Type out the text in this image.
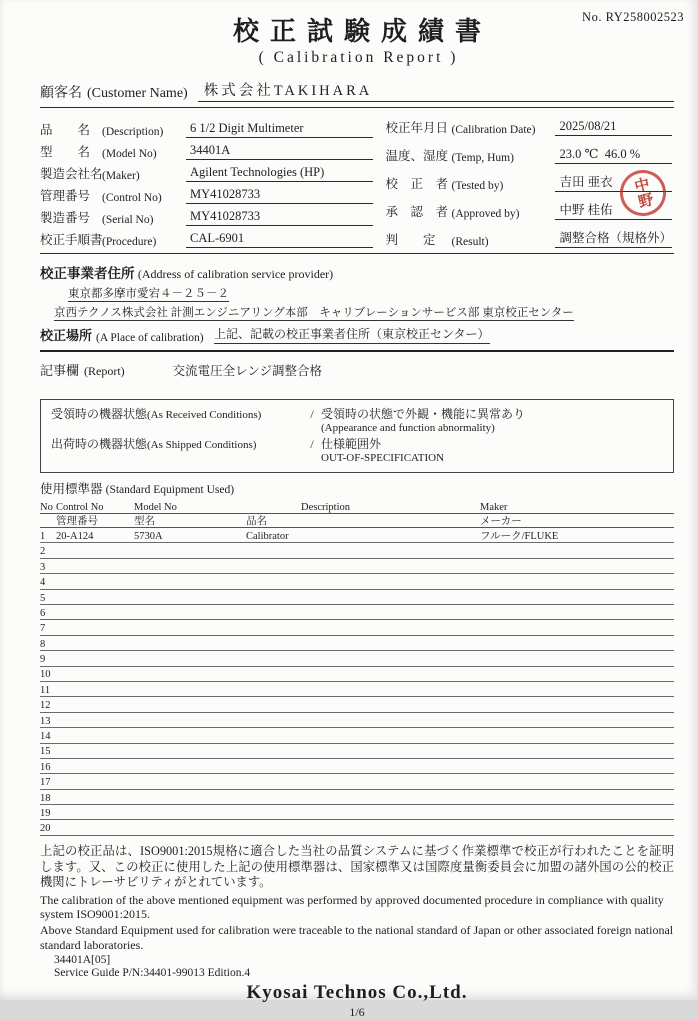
No. RY258002523
校正試験成績書
( Calibration Report )
顧客名 (Customer Name)	株式会社TAKIHARA
品　　名	(Description)	6 1/2 Digit Multimeter
型　　名	(Model No)	34401A
製造会社名 (Maker)	Agilent Technologies (HP)
管理番号	(Control No)	MY41028733
製造番号	(Serial No)	MY41028733
校正手順書 (Procedure)	CAL-6901
校正年月日 (Calibration Date)	2025/08/21
温度、湿度 (Temp, Hum)	23.0 ℃  46.0 %
校　正　者 (Tested by)	吉田 亜衣
承　認　者 (Approved by)	中野 桂佑
判　　定	(Result)	調整合格（規格外）
中野
校正事業者住所 (Address of calibration service provider)
東京都多摩市愛宕４－２５－２
京西テクノス株式会社 計測エンジニアリング本部　キャリブレーションサービス部 東京校正センター
校正場所 (A Place of calibration) 上記、記載の校正事業者住所（東京校正センター）
記事欄 (Report)	交流電圧全レンジ調整合格
受領時の機器状態(As Received Conditions)	/ 受領時の状態で外観・機能に異常あり
(Appearance and function abnormality)
出荷時の機器状態(As Shipped Conditions)	/ 仕様範囲外
OUT-OF-SPECIFICATION
使用標準器 (Standard Equipment Used)
No Control No	Model No	Description	Maker
管理番号	型名	品名	メーカー
1	20-A124	5730A	Calibrator	フルーク/FLUKE
2
3
4
5
6
7
8
9
10
11
12
13
14
15
16
17
18
19
20
上記の校正品は、ISO9001:2015規格に適合した当社の品質システムに基づく作業標準で校正が行われたことを証明します。又、この校正に使用した上記の使用標準器は、国家標準又は国際度量衡委員会に加盟の諸外国の公的校正機関にトレーサビリティがとれています。
The calibration of the above mentioned equipment was performed by approved documented procedure in compliance with quality system ISO9001:2015.
Above Standard Equipment used for calibration were traceable to the national standard of Japan or other associated foreign national standard laboratories.
34401A[05]
Service Guide P/N:34401-99013 Edition.4
Kyosai Technos Co.,Ltd.
1/6
